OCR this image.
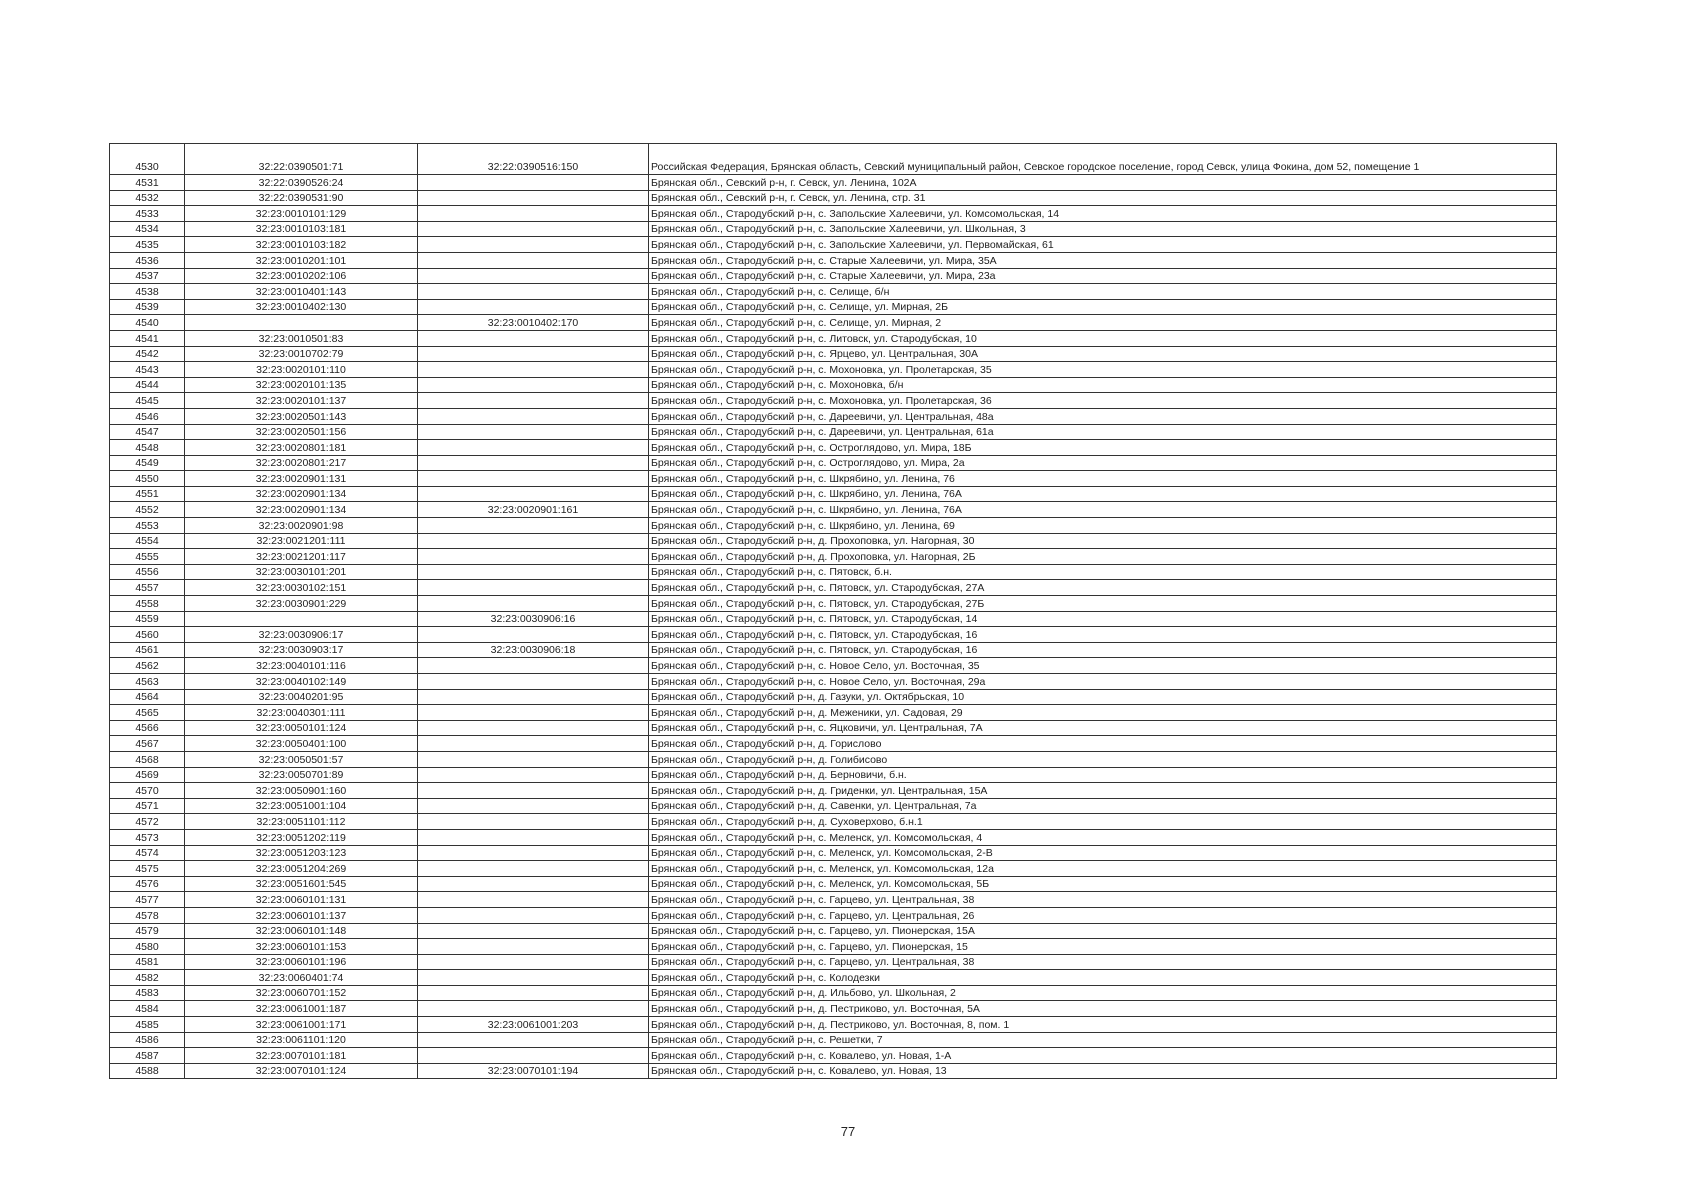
4530	32:22:0390501:71	32:22:0390516:150	Российская Федерация, Брянская область, Севский муниципальный район, Севское городское поселение, город Севск, улица Фокина, дом 52, помещение 1
4531	32:22:0390526:24		Брянская обл., Севский р-н, г. Севск, ул. Ленина, 102А
4532	32:22:0390531:90		Брянская обл., Севский р-н, г. Севск, ул. Ленина, стр. 31
4533	32:23:0010101:129		Брянская обл., Стародубский р-н, с. Запольские Халеевичи, ул. Комсомольская, 14
4534	32:23:0010103:181		Брянская обл., Стародубский р-н, с. Запольские Халеевичи, ул. Школьная, 3
4535	32:23:0010103:182		Брянская обл., Стародубский р-н, с. Запольские Халеевичи, ул. Первомайская, 61
4536	32:23:0010201:101		Брянская обл., Стародубский р-н, с. Старые Халеевичи, ул. Мира, 35А
4537	32:23:0010202:106		Брянская обл., Стародубский р-н, с. Старые Халеевичи, ул. Мира, 23а
4538	32:23:0010401:143		Брянская обл., Стародубский р-н, с. Селище, б/н
4539	32:23:0010402:130		Брянская обл., Стародубский р-н, с. Селище, ул. Мирная, 2Б
4540		32:23:0010402:170	Брянская обл., Стародубский р-н, с. Селище, ул. Мирная, 2
4541	32:23:0010501:83		Брянская обл., Стародубский р-н, с. Литовск, ул. Стародубская, 10
4542	32:23:0010702:79		Брянская обл., Стародубский р-н, с. Ярцево, ул. Центральная, 30А
4543	32:23:0020101:110		Брянская обл., Стародубский р-н, с. Мохоновка, ул. Пролетарская, 35
4544	32:23:0020101:135		Брянская обл., Стародубский р-н, с. Мохоновка, б/н
4545	32:23:0020101:137		Брянская обл., Стародубский р-н, с. Мохоновка, ул. Пролетарская, 36
4546	32:23:0020501:143		Брянская обл., Стародубский р-н, с. Дареевичи, ул. Центральная, 48а
4547	32:23:0020501:156		Брянская обл., Стародубский р-н, с. Дареевичи, ул. Центральная, 61а
4548	32:23:0020801:181		Брянская обл., Стародубский р-н, с. Остроглядово, ул. Мира, 18Б
4549	32:23:0020801:217		Брянская обл., Стародубский р-н, с. Остроглядово, ул. Мира, 2а
4550	32:23:0020901:131		Брянская обл., Стародубский р-н, с. Шкрябино, ул. Ленина, 76
4551	32:23:0020901:134		Брянская обл., Стародубский р-н, с. Шкрябино, ул. Ленина, 76А
4552	32:23:0020901:134	32:23:0020901:161	Брянская обл., Стародубский р-н, с. Шкрябино, ул. Ленина, 76А
4553	32:23:0020901:98		Брянская обл., Стародубский р-н, с. Шкрябино, ул. Ленина, 69
4554	32:23:0021201:111		Брянская обл., Стародубский р-н, д. Прохоповка, ул. Нагорная, 30
4555	32:23:0021201:117		Брянская обл., Стародубский р-н, д. Прохоповка, ул. Нагорная, 2Б
4556	32:23:0030101:201		Брянская обл., Стародубский р-н, с. Пятовск, б.н.
4557	32:23:0030102:151		Брянская обл., Стародубский р-н, с. Пятовск, ул. Стародубская, 27А
4558	32:23:0030901:229		Брянская обл., Стародубский р-н, с. Пятовск, ул. Стародубская, 27Б
4559		32:23:0030906:16	Брянская обл., Стародубский р-н, с. Пятовск, ул. Стародубская, 14
4560	32:23:0030906:17		Брянская обл., Стародубский р-н, с. Пятовск, ул. Стародубская, 16
4561	32:23:0030903:17	32:23:0030906:18	Брянская обл., Стародубский р-н, с. Пятовск, ул. Стародубская, 16
4562	32:23:0040101:116		Брянская обл., Стародубский р-н, с. Новое Село, ул. Восточная, 35
4563	32:23:0040102:149		Брянская обл., Стародубский р-н, с. Новое Село, ул. Восточная, 29а
4564	32:23:0040201:95		Брянская обл., Стародубский р-н, д. Газуки, ул. Октябрьская, 10
4565	32:23:0040301:111		Брянская обл., Стародубский р-н, д. Меженики, ул. Садовая, 29
4566	32:23:0050101:124		Брянская обл., Стародубский р-н, с. Яцковичи, ул. Центральная, 7А
4567	32:23:0050401:100		Брянская обл., Стародубский р-н, д. Горислово
4568	32:23:0050501:57		Брянская обл., Стародубский р-н, д. Голибисово
4569	32:23:0050701:89		Брянская обл., Стародубский р-н, д. Берновичи, б.н.
4570	32:23:0050901:160		Брянская обл., Стародубский р-н, д. Гриденки, ул. Центральная, 15А
4571	32:23:0051001:104		Брянская обл., Стародубский р-н, д. Савенки, ул. Центральная, 7а
4572	32:23:0051101:112		Брянская обл., Стародубский р-н, д. Суховерхово, б.н.1
4573	32:23:0051202:119		Брянская обл., Стародубский р-н, с. Меленск, ул. Комсомольская, 4
4574	32:23:0051203:123		Брянская обл., Стародубский р-н, с. Меленск, ул. Комсомольская, 2-В
4575	32:23:0051204:269		Брянская обл., Стародубский р-н, с. Меленск, ул. Комсомольская, 12а
4576	32:23:0051601:545		Брянская обл., Стародубский р-н, с. Меленск, ул. Комсомольская, 5Б
4577	32:23:0060101:131		Брянская обл., Стародубский р-н, с. Гарцево, ул. Центральная, 38
4578	32:23:0060101:137		Брянская обл., Стародубский р-н, с. Гарцево, ул. Центральная, 26
4579	32:23:0060101:148		Брянская обл., Стародубский р-н, с. Гарцево, ул. Пионерская, 15А
4580	32:23:0060101:153		Брянская обл., Стародубский р-н, с. Гарцево, ул. Пионерская, 15
4581	32:23:0060101:196		Брянская обл., Стародубский р-н, с. Гарцево, ул. Центральная, 38
4582	32:23:0060401:74		Брянская обл., Стародубский р-н, с. Колодезки
4583	32:23:0060701:152		Брянская обл., Стародубский р-н, д. Ильбово, ул. Школьная, 2
4584	32:23:0061001:187		Брянская обл., Стародубский р-н, д. Пестриково, ул. Восточная, 5А
4585	32:23:0061001:171	32:23:0061001:203	Брянская обл., Стародубский р-н, д. Пестриково, ул. Восточная, 8, пом. 1
4586	32:23:0061101:120		Брянская обл., Стародубский р-н, с. Решетки, 7
4587	32:23:0070101:181		Брянская обл., Стародубский р-н, с. Ковалево, ул. Новая, 1-А
4588	32:23:0070101:124	32:23:0070101:194	Брянская обл., Стародубский р-н, с. Ковалево, ул. Новая, 13
77
